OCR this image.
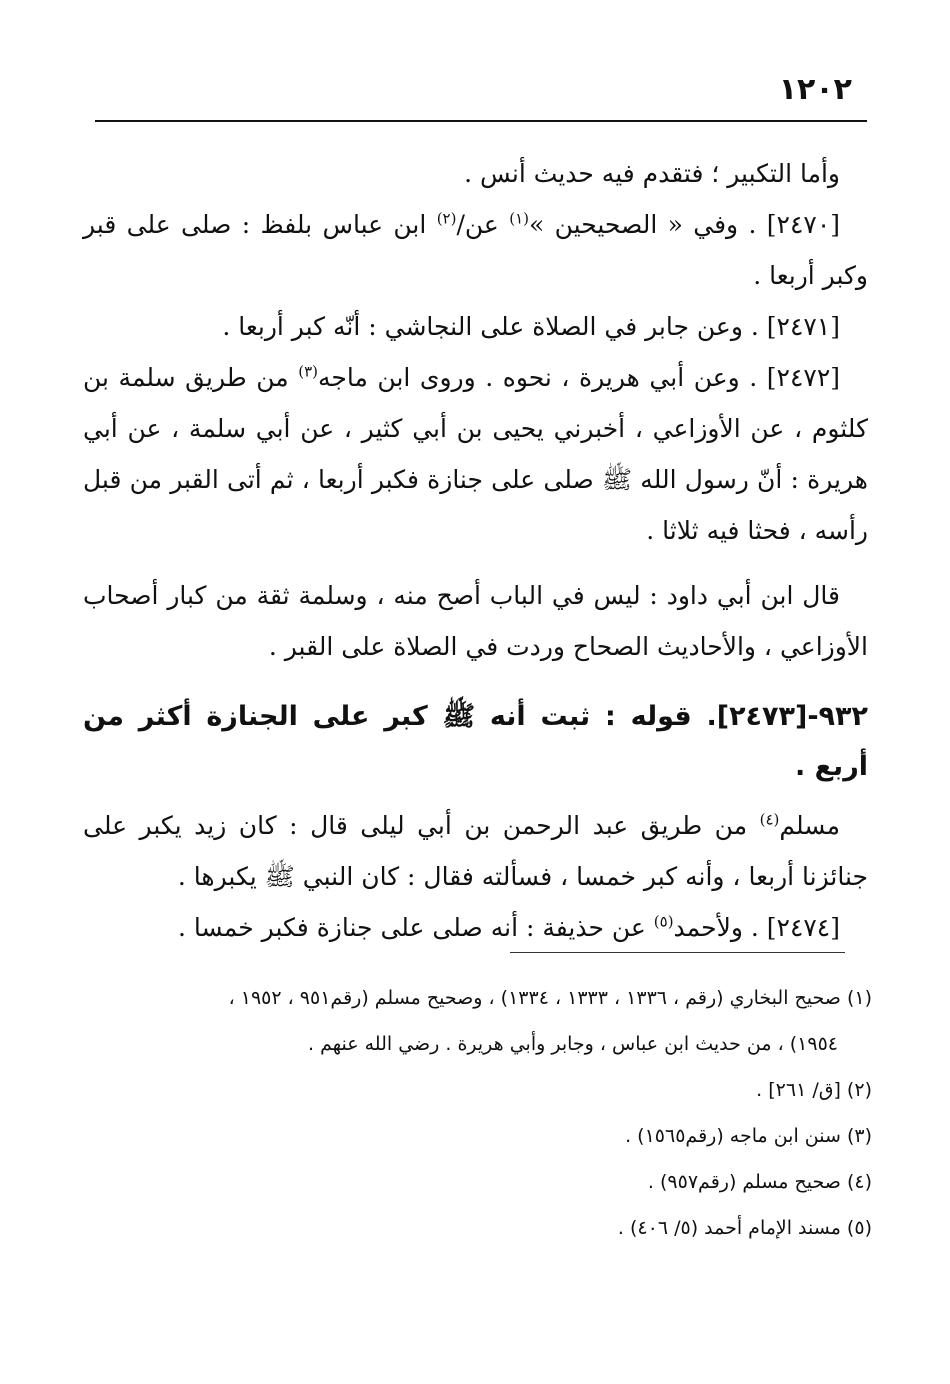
١٢٠٢

وأما التكبير ؛ فتقدم فيه حديث أنس .

[٢٤٧٠] . وفي « الصحيحين »$^{(١)}$ عن/$^{(٢)}$ ابن عباس بلفظ : صلى على قبر وكبر أربعا .

[٢٤٧١] . وعن جابر في الصلاة على النجاشي : أنّه كبر أربعا .

[٢٤٧٢] . وعن أبي هريرة ، نحوه . وروى ابن ماجه$^{(٣)}$ من طريق سلمة بن كلثوم ، عن الأوزاعي ، أخبرني يحيى بن أبي كثير ، عن أبي سلمة ، عن أبي هريرة : أنّ رسول الله ﷺ صلى على جنازة فكبر أربعا ، ثم أتى القبر من قبل رأسه ، فحثا فيه ثلاثا .

قال ابن أبي داود : ليس في الباب أصح منه ، وسلمة ثقة من كبار أصحاب الأوزاعي ، والأحاديث الصحاح وردت في الصلاة على القبر .

٩٣٢-[٢٤٧٣]. قوله : ثبت أنه ﷺ كبر على الجنازة أكثر من أربع .

مسلم$^{(٤)}$ من طريق عبد الرحمن بن أبي ليلى قال : كان زيد يكبر على جنائزنا أربعا ، وأنه كبر خمسا ، فسألته فقال : كان النبي ﷺ يكبرها .

[٢٤٧٤] . ولأحمد$^{(٥)}$ عن حذيفة : أنه صلى على جنازة فكبر خمسا .

(١) صحيح البخاري (رقم ، ١٣٣٦ ، ١٣٣٣ ، ١٣٣٤) ، وصحيح مسلم (رقم٩٥١ ، ١٩٥٢ ،

١٩٥٤) ، من حديث ابن عباس ، وجابر وأبي هريرة . رضي الله عنهم .

(٢) [ق/ ٢٦١] .

(٣) سنن ابن ماجه (رقم١٥٦٥) .

(٤) صحيح مسلم (رقم٩٥٧) .

(٥) مسند الإمام أحمد (٥/ ٤٠٦) .
